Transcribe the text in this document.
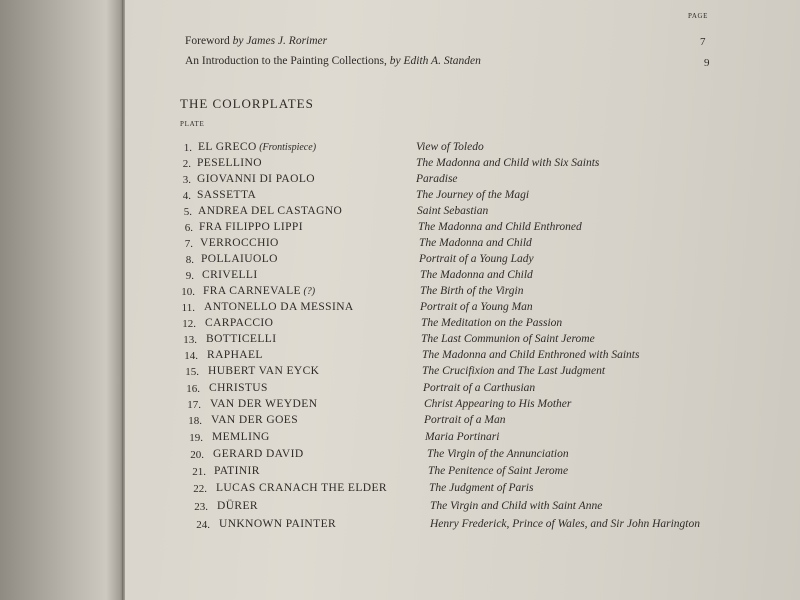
PAGE
Foreword by James J. Rorimer	7
An Introduction to the Painting Collections, by Edith A. Standen	9
THE COLORPLATES
PLATE
1. EL GRECO (Frontispiece)	View of Toledo
2. PESELLINO	The Madonna and Child with Six Saints
3. GIOVANNI DI PAOLO	Paradise
4. SASSETTA	The Journey of the Magi
5. ANDREA DEL CASTAGNO	Saint Sebastian
6. FRA FILIPPO LIPPI	The Madonna and Child Enthroned
7. VERROCCHIO	The Madonna and Child
8. POLLAIUOLO	Portrait of a Young Lady
9. CRIVELLI	The Madonna and Child
10. FRA CARNEVALE (?)	The Birth of the Virgin
11. ANTONELLO DA MESSINA	Portrait of a Young Man
12. CARPACCIO	The Meditation on the Passion
13. BOTTICELLI	The Last Communion of Saint Jerome
14. RAPHAEL	The Madonna and Child Enthroned with Saints
15. HUBERT VAN EYCK	The Crucifixion and The Last Judgment
16. CHRISTUS	Portrait of a Carthusian
17. VAN DER WEYDEN	Christ Appearing to His Mother
18. VAN DER GOES	Portrait of a Man
19. MEMLING	Maria Portinari
20. GERARD DAVID	The Virgin of the Annunciation
21. PATINIR	The Penitence of Saint Jerome
22. LUCAS CRANACH THE ELDER	The Judgment of Paris
23. DÜRER	The Virgin and Child with Saint Anne
24. UNKNOWN PAINTER	Henry Frederick, Prince of Wales, and Sir John Harington
